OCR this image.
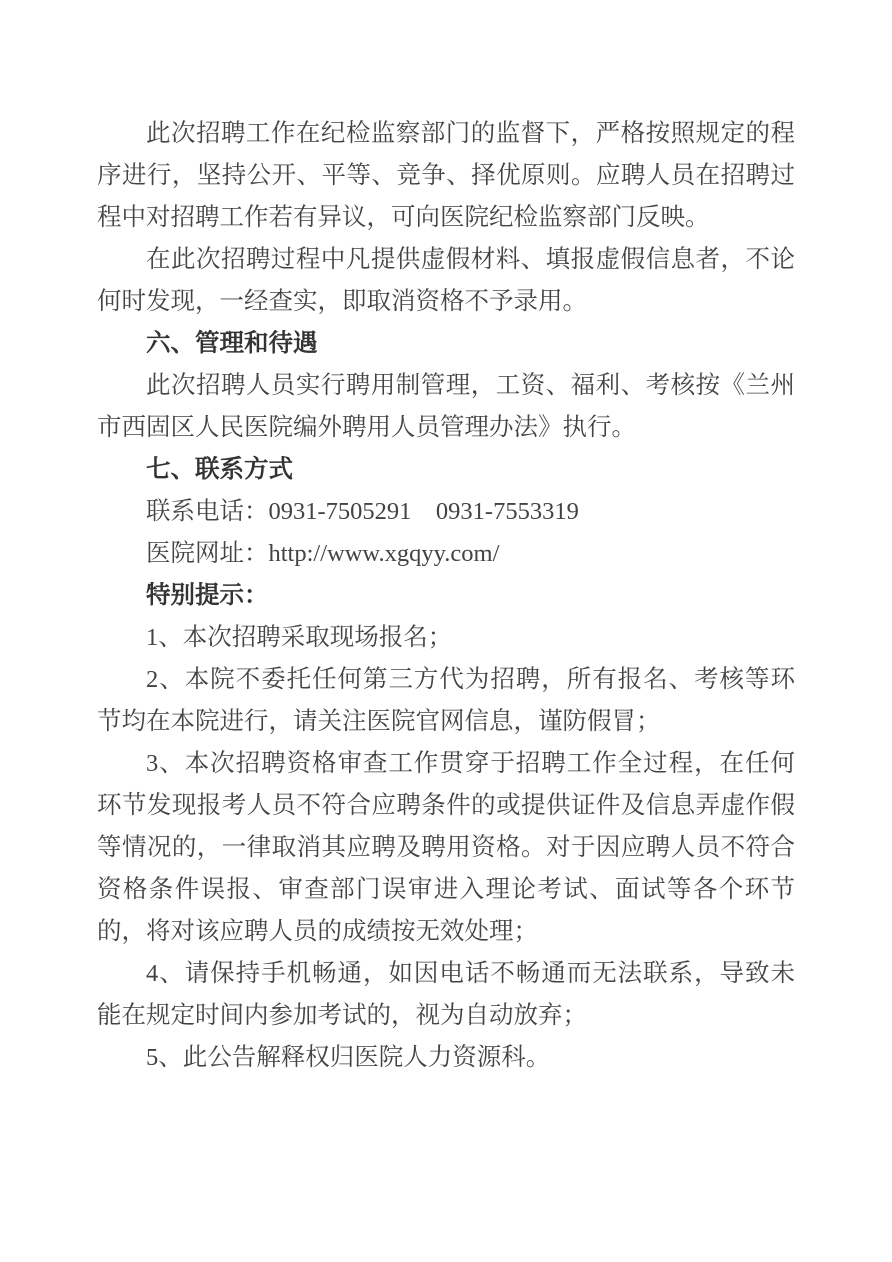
此次招聘工作在纪检监察部门的监督下，严格按照规定的程序进行，坚持公开、平等、竞争、择优原则。应聘人员在招聘过程中对招聘工作若有异议，可向医院纪检监察部门反映。

在此次招聘过程中凡提供虚假材料、填报虚假信息者，不论何时发现，一经查实，即取消资格不予录用。

六、管理和待遇

此次招聘人员实行聘用制管理，工资、福利、考核按《兰州市西固区人民医院编外聘用人员管理办法》执行。

七、联系方式

联系电话：0931-7505291    0931-7553319

医院网址：http://www.xgqyy.com/

特别提示：

1、本次招聘采取现场报名；

2、本院不委托任何第三方代为招聘，所有报名、考核等环节均在本院进行，请关注医院官网信息，谨防假冒；

3、本次招聘资格审查工作贯穿于招聘工作全过程，在任何环节发现报考人员不符合应聘条件的或提供证件及信息弄虚作假等情况的，一律取消其应聘及聘用资格。对于因应聘人员不符合资格条件误报、审查部门误审进入理论考试、面试等各个环节的，将对该应聘人员的成绩按无效处理；

4、请保持手机畅通，如因电话不畅通而无法联系，导致未能在规定时间内参加考试的，视为自动放弃；

5、此公告解释权归医院人力资源科。
